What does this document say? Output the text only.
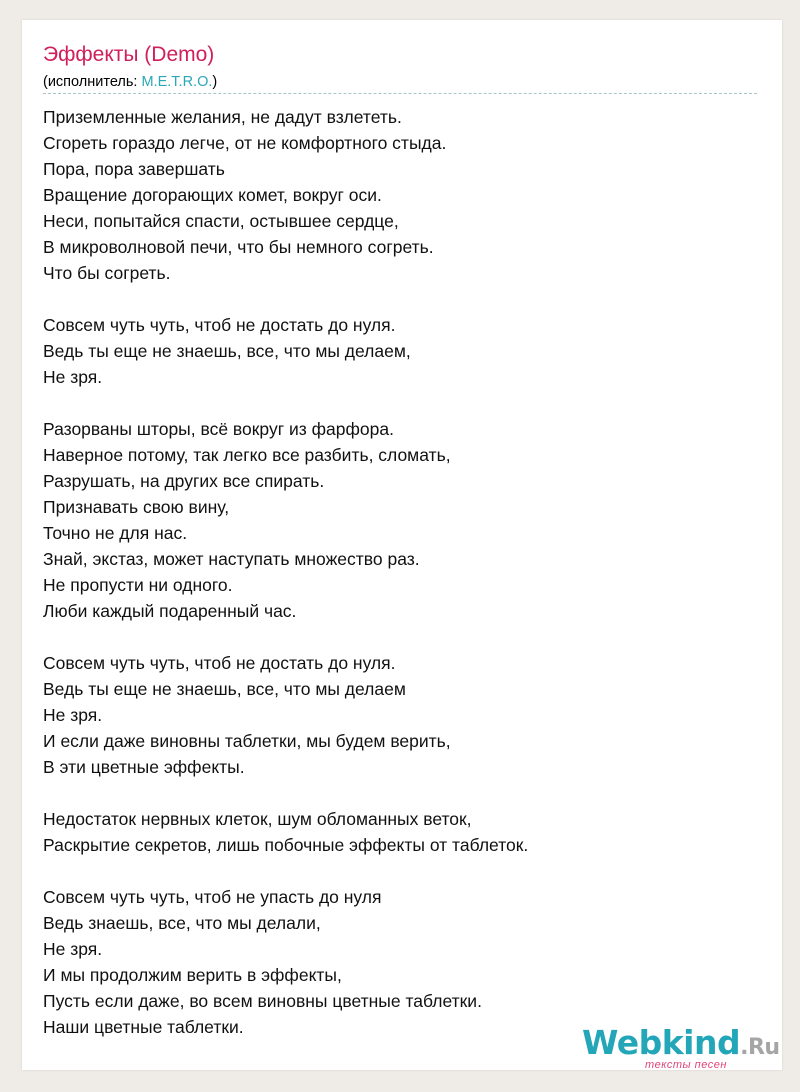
Эффекты (Demo)
(исполнитель: M.E.T.R.O.)
Приземленные желания, не дадут взлететь.
Сгореть гораздо легче, от не комфортного стыда.
Пора, пора завершать
Вращение догорающих комет, вокруг оси.
Неси, попытайся спасти, остывшее сердце,
В микроволновой печи, что бы немного согреть.
Что бы согреть.
Совсем чуть чуть, чтоб не достать до нуля.
Ведь ты еще не знаешь, все, что мы делаем,
Не зря.
Разорваны шторы, всё вокруг из фарфора.
Наверное потому, так легко все разбить, сломать,
Разрушать, на других все спирать.
Признавать свою вину,
Точно не для нас.
Знай, экстаз, может наступать множество раз.
Не пропусти ни одного.
Люби каждый подаренный час.
Совсем чуть чуть, чтоб не достать до нуля.
Ведь ты еще не знаешь, все, что мы делаем
Не зря.
И если даже виновны таблетки, мы будем верить,
В эти цветные эффекты.
Недостаток нервных клеток, шум обломанных веток,
Раскрытие секретов, лишь побочные эффекты от таблеток.
Совсем чуть чуть, чтоб не упасть до нуля
Ведь знаешь, все, что мы делали,
Не зря.
И мы продолжим верить в эффекты,
Пусть если даже, во всем виновны цветные таблетки.
Наши цветные таблетки.	Webkind.Ru
тексты песен
